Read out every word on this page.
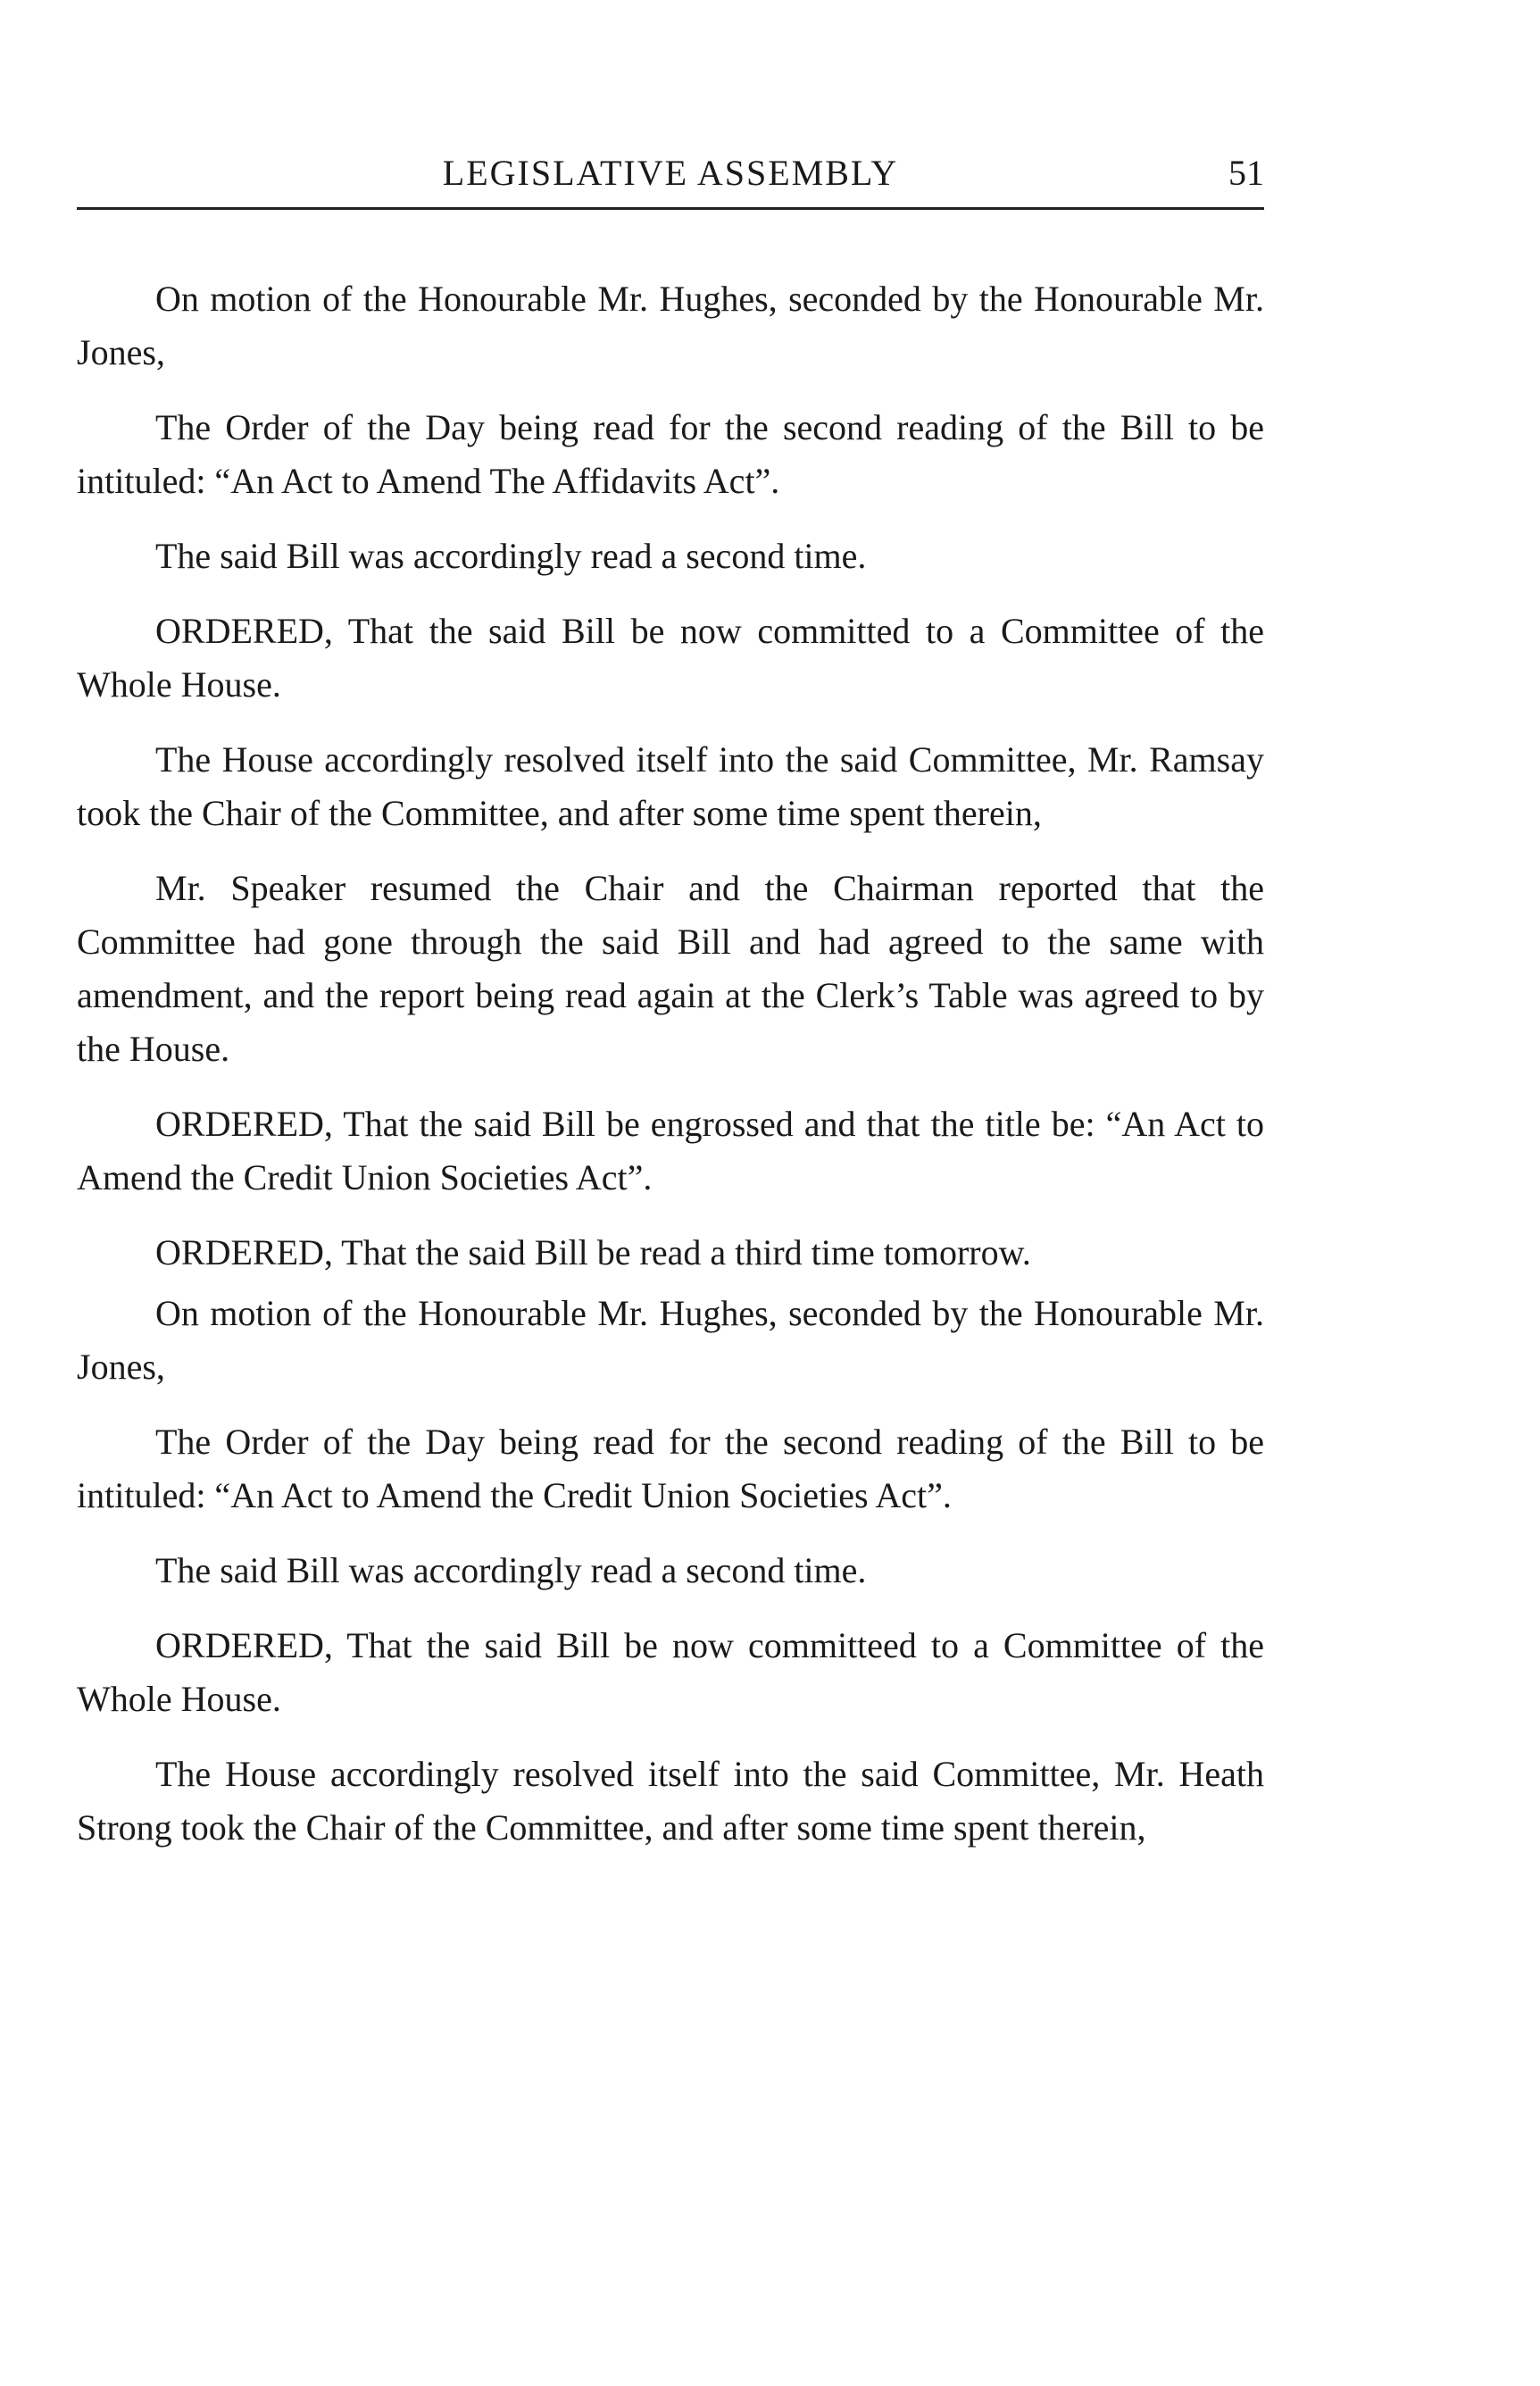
LEGISLATIVE ASSEMBLY	51

On motion of the Honourable Mr. Hughes, seconded by the Honourable Mr. Jones,

The Order of the Day being read for the second reading of the Bill to be intituled: “An Act to Amend The Affidavits Act”.

The said Bill was accordingly read a second time.

ORDERED, That the said Bill be now committed to a Committee of the Whole House.

The House accordingly resolved itself into the said Committee, Mr. Ramsay took the Chair of the Committee, and after some time spent therein,

Mr. Speaker resumed the Chair and the Chairman reported that the Committee had gone through the said Bill and had agreed to the same with amendment, and the report being read again at the Clerk’s Table was agreed to by the House.

ORDERED, That the said Bill be engrossed and that the title be: “An Act to Amend the Credit Union Societies Act”.

ORDERED, That the said Bill be read a third time tomorrow.

On motion of the Honourable Mr. Hughes, seconded by the Honourable Mr. Jones,

The Order of the Day being read for the second reading of the Bill to be intituled: “An Act to Amend the Credit Union Societies Act”.

The said Bill was accordingly read a second time.

ORDERED, That the said Bill be now committeed to a Committee of the Whole House.

The House accordingly resolved itself into the said Committee, Mr. Heath Strong took the Chair of the Committee, and after some time spent therein,
